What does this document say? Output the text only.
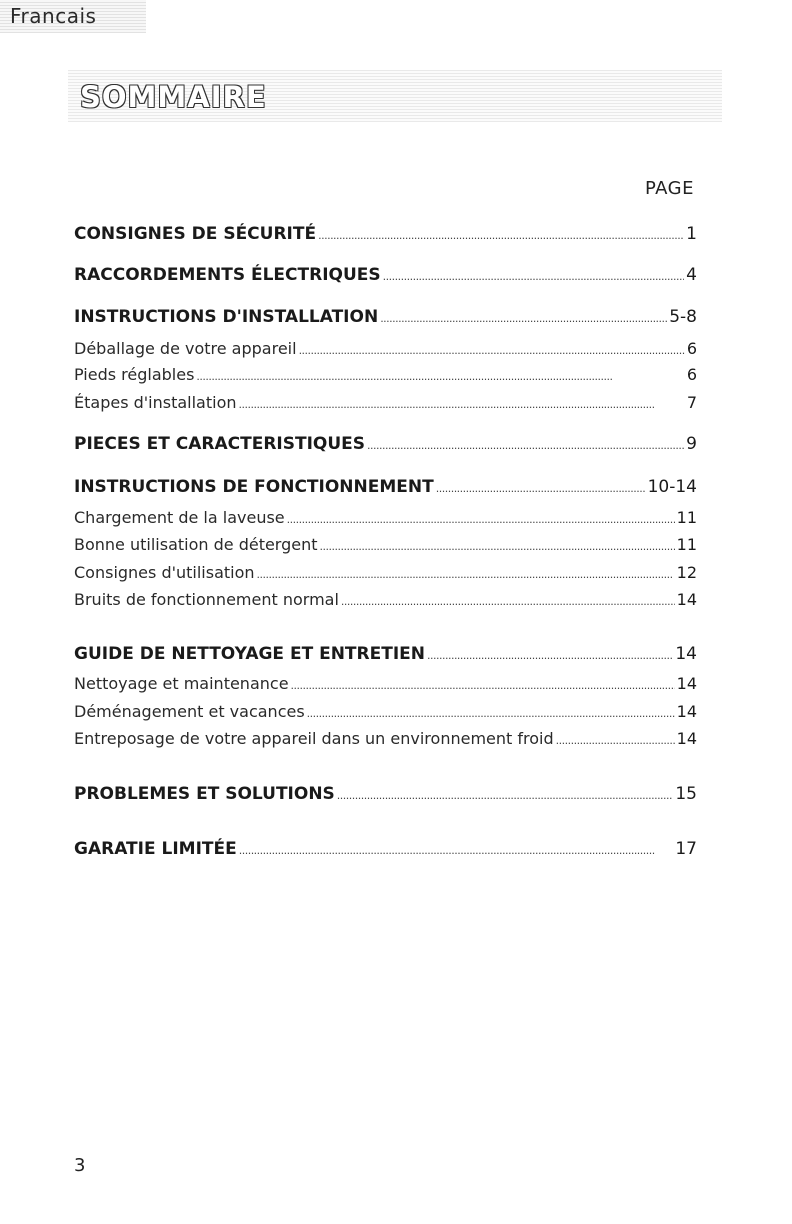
Francais
SOMMAIRE
PAGE
CONSIGNES DE SÉCURITÉ . . .	1
RACCORDEMENTS ÉLECTRIQUES . . .	4
INSTRUCTIONS D'INSTALLATION . . .	5-8
Déballage de votre appareil . . .	6
Pieds réglables . . .	6
Étapes d'installation . . .	7
PIECES ET CARACTERISTIQUES . . .	9
INSTRUCTIONS DE FONCTIONNEMENT . . .	10-14
Chargement de la laveuse . . .	11
Bonne utilisation de détergent . . .	11
Consignes d'utilisation . . .	12
Bruits de fonctionnement normal . . .	14
GUIDE DE NETTOYAGE ET ENTRETIEN . . .	14
Nettoyage et maintenance . . .	14
Déménagement et vacances . . .	14
Entreposage de votre appareil dans un environnement froid . . .	14
PROBLEMES ET SOLUTIONS . . .	15
GARATIE LIMITÉE . . .	17
3
